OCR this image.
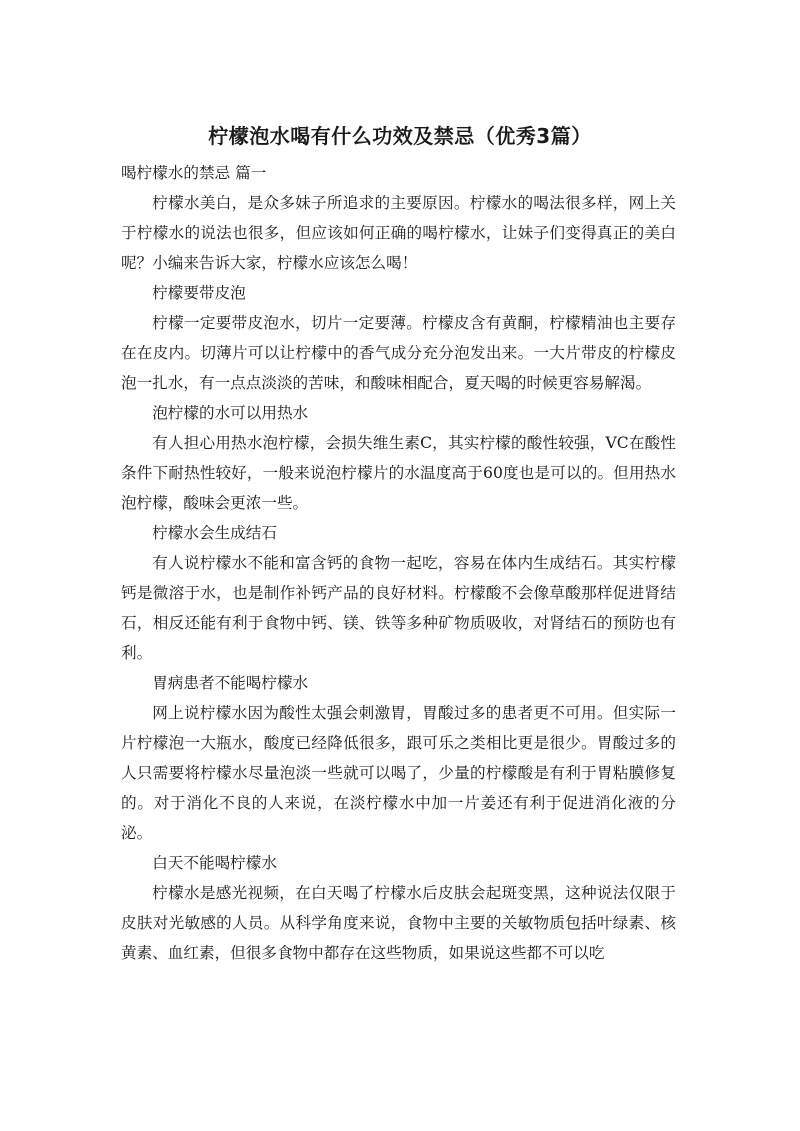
柠檬泡水喝有什么功效及禁忌（优秀3篇）

喝柠檬水的禁忌 篇一

柠檬水美白，是众多妹子所追求的主要原因。柠檬水的喝法很多样，网上关于柠檬水的说法也很多，但应该如何正确的喝柠檬水，让妹子们变得真正的美白呢？小编来告诉大家，柠檬水应该怎么喝！

柠檬要带皮泡

柠檬一定要带皮泡水，切片一定要薄。柠檬皮含有黄酮，柠檬精油也主要存在在皮内。切薄片可以让柠檬中的香气成分充分泡发出来。一大片带皮的柠檬皮泡一扎水，有一点点淡淡的苦味，和酸味相配合，夏天喝的时候更容易解渴。

泡柠檬的水可以用热水

有人担心用热水泡柠檬，会损失维生素C，其实柠檬的酸性较强，VC在酸性条件下耐热性较好，一般来说泡柠檬片的水温度高于60度也是可以的。但用热水泡柠檬，酸味会更浓一些。

柠檬水会生成结石

有人说柠檬水不能和富含钙的食物一起吃，容易在体内生成结石。其实柠檬钙是微溶于水，也是制作补钙产品的良好材料。柠檬酸不会像草酸那样促进肾结石，相反还能有利于食物中钙、镁、铁等多种矿物质吸收，对肾结石的预防也有利。

胃病患者不能喝柠檬水

网上说柠檬水因为酸性太强会刺激胃，胃酸过多的患者更不可用。但实际一片柠檬泡一大瓶水，酸度已经降低很多，跟可乐之类相比更是很少。胃酸过多的人只需要将柠檬水尽量泡淡一些就可以喝了，少量的柠檬酸是有利于胃粘膜修复的。对于消化不良的人来说，在淡柠檬水中加一片姜还有利于促进消化液的分泌。

白天不能喝柠檬水

柠檬水是感光视频，在白天喝了柠檬水后皮肤会起斑变黑，这种说法仅限于皮肤对光敏感的人员。从科学角度来说，食物中主要的关敏物质包括叶绿素、核黄素、血红素，但很多食物中都存在这些物质，如果说这些都不可以吃
